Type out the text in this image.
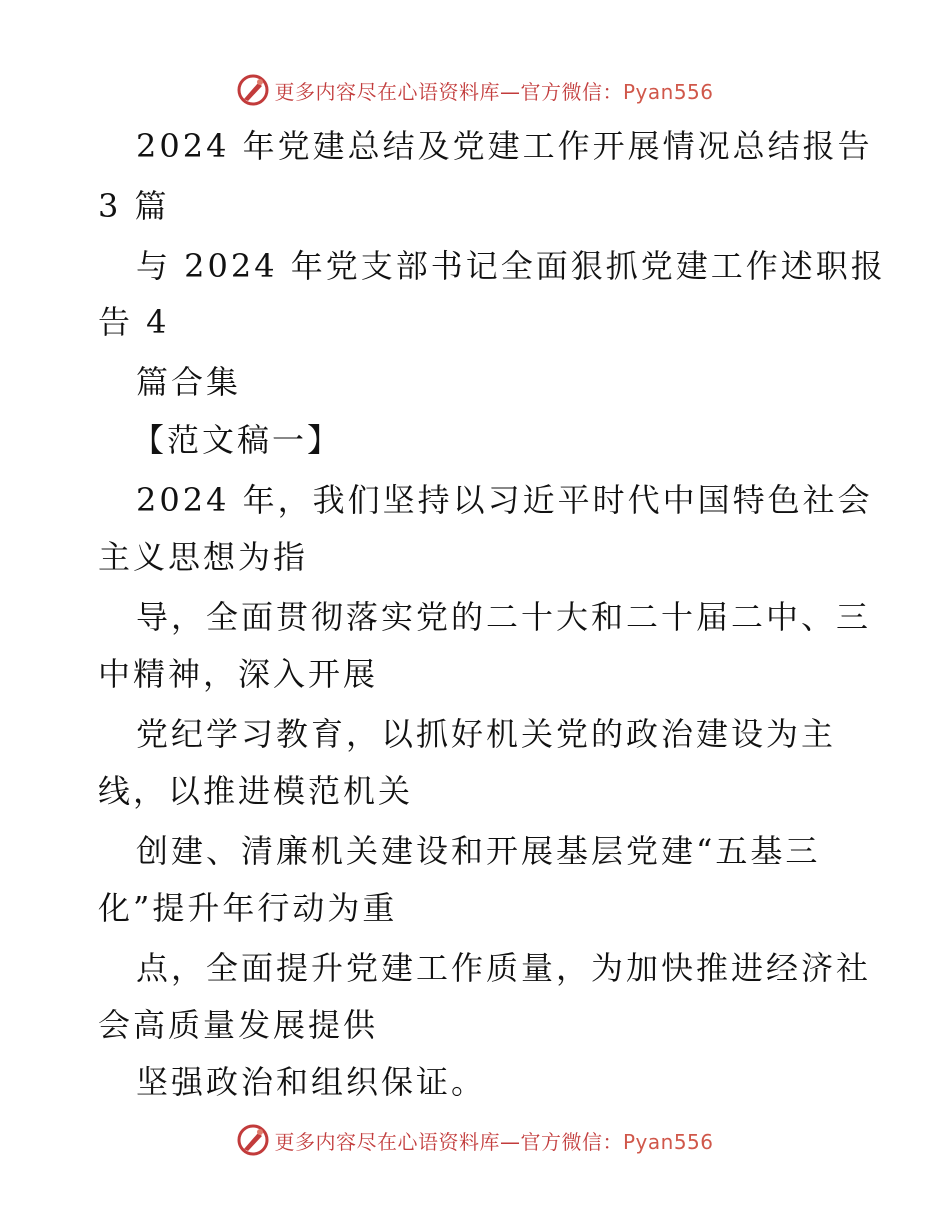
更多内容尽在心语资料库—官方微信：Pyan556
2024 年党建总结及党建工作开展情况总结报告
3 篇
与 2024 年党支部书记全面狠抓党建工作述职报
告 4
篇合集
【范文稿一】
2024 年，我们坚持以习近平时代中国特色社会
主义思想为指
导，全面贯彻落实党的二十大和二十届二中、三
中精神，深入开展
党纪学习教育，以抓好机关党的政治建设为主
线，以推进模范机关
创建、清廉机关建设和开展基层党建“五基三
化”提升年行动为重
点，全面提升党建工作质量，为加快推进经济社
会高质量发展提供
坚强政治和组织保证。
更多内容尽在心语资料库—官方微信：Pyan556
